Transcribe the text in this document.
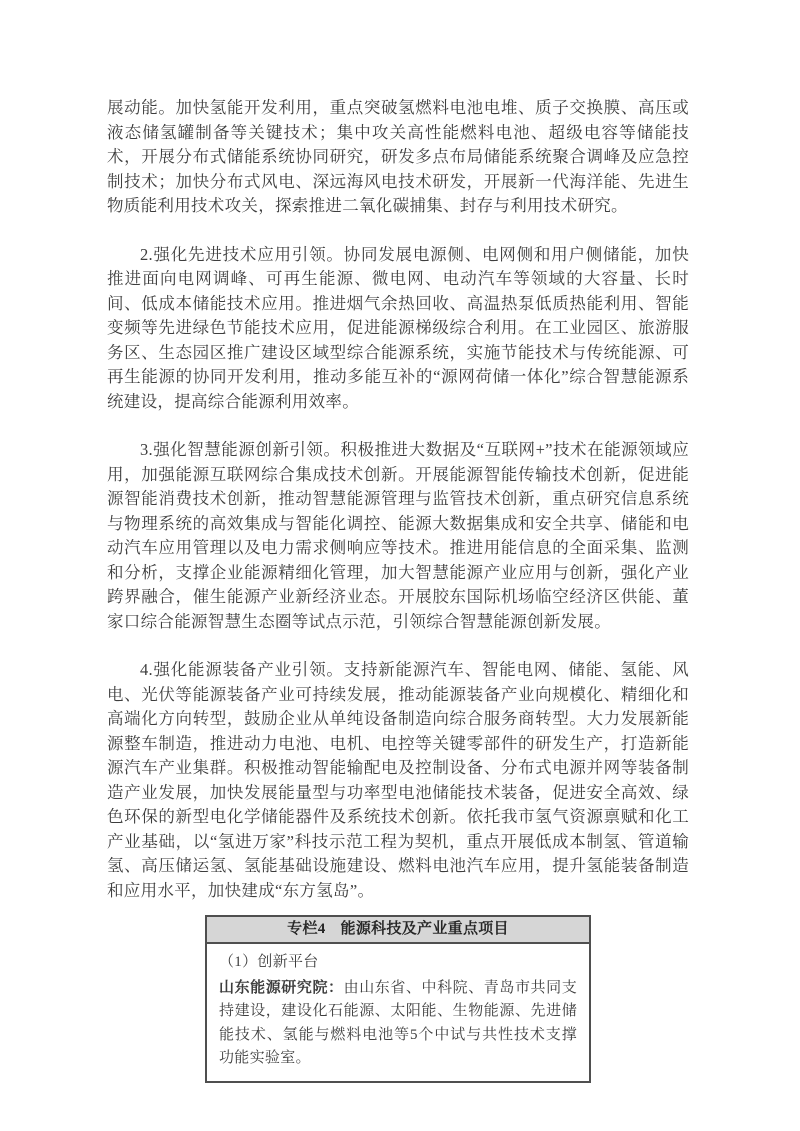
展动能。加快氢能开发利用，重点突破氢燃料电池电堆、质子交换膜、高压或液态储氢罐制备等关键技术；集中攻关高性能燃料电池、超级电容等储能技术，开展分布式储能系统协同研究，研发多点布局储能系统聚合调峰及应急控制技术；加快分布式风电、深远海风电技术研发，开展新一代海洋能、先进生物质能利用技术攻关，探索推进二氧化碳捕集、封存与利用技术研究。

2.强化先进技术应用引领。协同发展电源侧、电网侧和用户侧储能，加快推进面向电网调峰、可再生能源、微电网、电动汽车等领域的大容量、长时间、低成本储能技术应用。推进烟气余热回收、高温热泵低质热能利用、智能变频等先进绿色节能技术应用，促进能源梯级综合利用。在工业园区、旅游服务区、生态园区推广建设区域型综合能源系统，实施节能技术与传统能源、可再生能源的协同开发利用，推动多能互补的“源网荷储一体化”综合智慧能源系统建设，提高综合能源利用效率。

3.强化智慧能源创新引领。积极推进大数据及“互联网+”技术在能源领域应用，加强能源互联网综合集成技术创新。开展能源智能传输技术创新，促进能源智能消费技术创新，推动智慧能源管理与监管技术创新，重点研究信息系统与物理系统的高效集成与智能化调控、能源大数据集成和安全共享、储能和电动汽车应用管理以及电力需求侧响应等技术。推进用能信息的全面采集、监测和分析，支撑企业能源精细化管理，加大智慧能源产业应用与创新，强化产业跨界融合，催生能源产业新经济业态。开展胶东国际机场临空经济区供能、董家口综合能源智慧生态圈等试点示范，引领综合智慧能源创新发展。

4.强化能源装备产业引领。支持新能源汽车、智能电网、储能、氢能、风电、光伏等能源装备产业可持续发展，推动能源装备产业向规模化、精细化和高端化方向转型，鼓励企业从单纯设备制造向综合服务商转型。大力发展新能源整车制造，推进动力电池、电机、电控等关键零部件的研发生产，打造新能源汽车产业集群。积极推动智能输配电及控制设备、分布式电源并网等装备制造产业发展，加快发展能量型与功率型电池储能技术装备，促进安全高效、绿色环保的新型电化学储能器件及系统技术创新。依托我市氢气资源禀赋和化工产业基础，以“氢进万家”科技示范工程为契机，重点开展低成本制氢、管道输氢、高压储运氢、氢能基础设施建设、燃料电池汽车应用，提升氢能装备制造和应用水平，加快建成“东方氢岛”。

专栏4 能源科技及产业重点项目

（1）创新平台

山东能源研究院：由山东省、中科院、青岛市共同支持建设，建设化石能源、太阳能、生物能源、先进储能技术、氢能与燃料电池等5个中试与共性技术支撑功能实验室。
